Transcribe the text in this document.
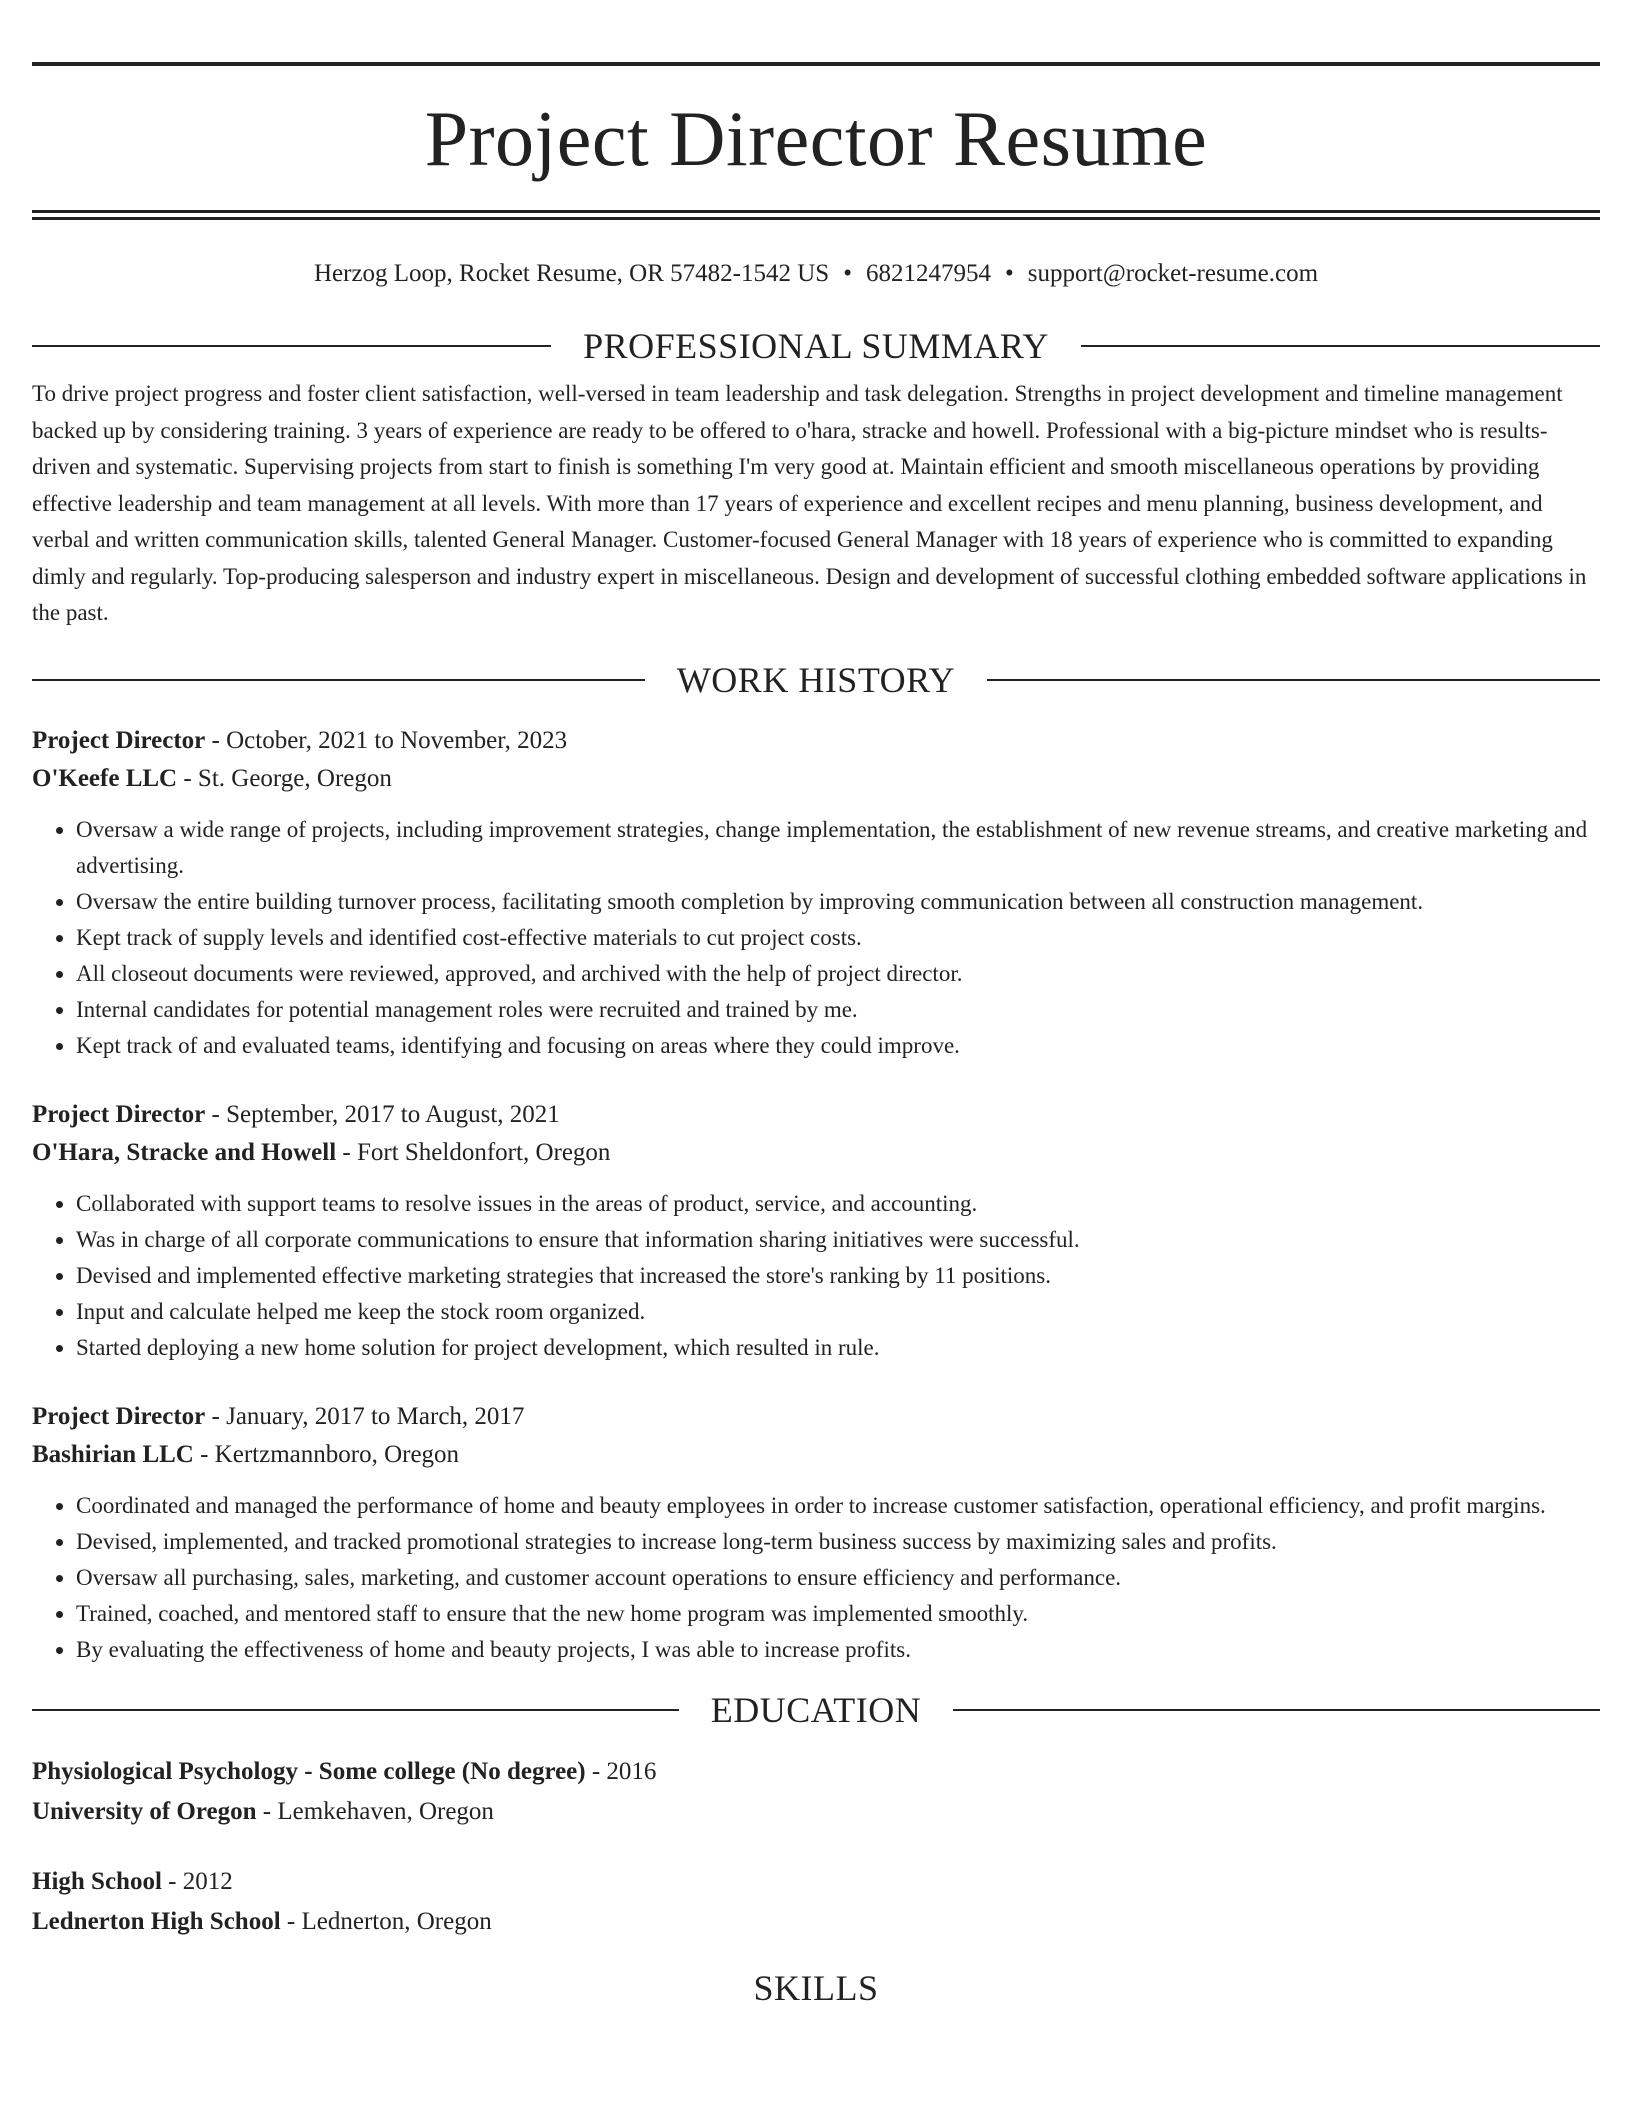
Project Director Resume
Herzog Loop, Rocket Resume, OR 57482-1542 US • 6821247954 • support@rocket-resume.com
PROFESSIONAL SUMMARY

To drive project progress and foster client satisfaction, well-versed in team leadership and task delegation. Strengths in project development and timeline management backed up by considering training. 3 years of experience are ready to be offered to o'hara, stracke and howell. Professional with a big-picture mindset who is results-driven and systematic. Supervising projects from start to finish is something I'm very good at. Maintain efficient and smooth miscellaneous operations by providing effective leadership and team management at all levels. With more than 17 years of experience and excellent recipes and menu planning, business development, and verbal and written communication skills, talented General Manager. Customer-focused General Manager with 18 years of experience who is committed to expanding dimly and regularly. Top-producing salesperson and industry expert in miscellaneous. Design and development of successful clothing embedded software applications in the past.

WORK HISTORY
Project Director - October, 2021 to November, 2023
O'Keefe LLC - St. George, Oregon
• Oversaw a wide range of projects, including improvement strategies, change implementation, the establishment of new revenue streams, and creative marketing and advertising.
• Oversaw the entire building turnover process, facilitating smooth completion by improving communication between all construction management.
• Kept track of supply levels and identified cost-effective materials to cut project costs.
• All closeout documents were reviewed, approved, and archived with the help of project director.
• Internal candidates for potential management roles were recruited and trained by me.
• Kept track of and evaluated teams, identifying and focusing on areas where they could improve.
Project Director - September, 2017 to August, 2021
O'Hara, Stracke and Howell - Fort Sheldonfort, Oregon
• Collaborated with support teams to resolve issues in the areas of product, service, and accounting.
• Was in charge of all corporate communications to ensure that information sharing initiatives were successful.
• Devised and implemented effective marketing strategies that increased the store's ranking by 11 positions.
• Input and calculate helped me keep the stock room organized.
• Started deploying a new home solution for project development, which resulted in rule.
Project Director - January, 2017 to March, 2017
Bashirian LLC - Kertzmannboro, Oregon
• Coordinated and managed the performance of home and beauty employees in order to increase customer satisfaction, operational efficiency, and profit margins.
• Devised, implemented, and tracked promotional strategies to increase long-term business success by maximizing sales and profits.
• Oversaw all purchasing, sales, marketing, and customer account operations to ensure efficiency and performance.
• Trained, coached, and mentored staff to ensure that the new home program was implemented smoothly.
• By evaluating the effectiveness of home and beauty projects, I was able to increase profits.
EDUCATION
Physiological Psychology - Some college (No degree) - 2016
University of Oregon - Lemkehaven, Oregon
High School - 2012
Lednerton High School - Lednerton, Oregon
SKILLS
